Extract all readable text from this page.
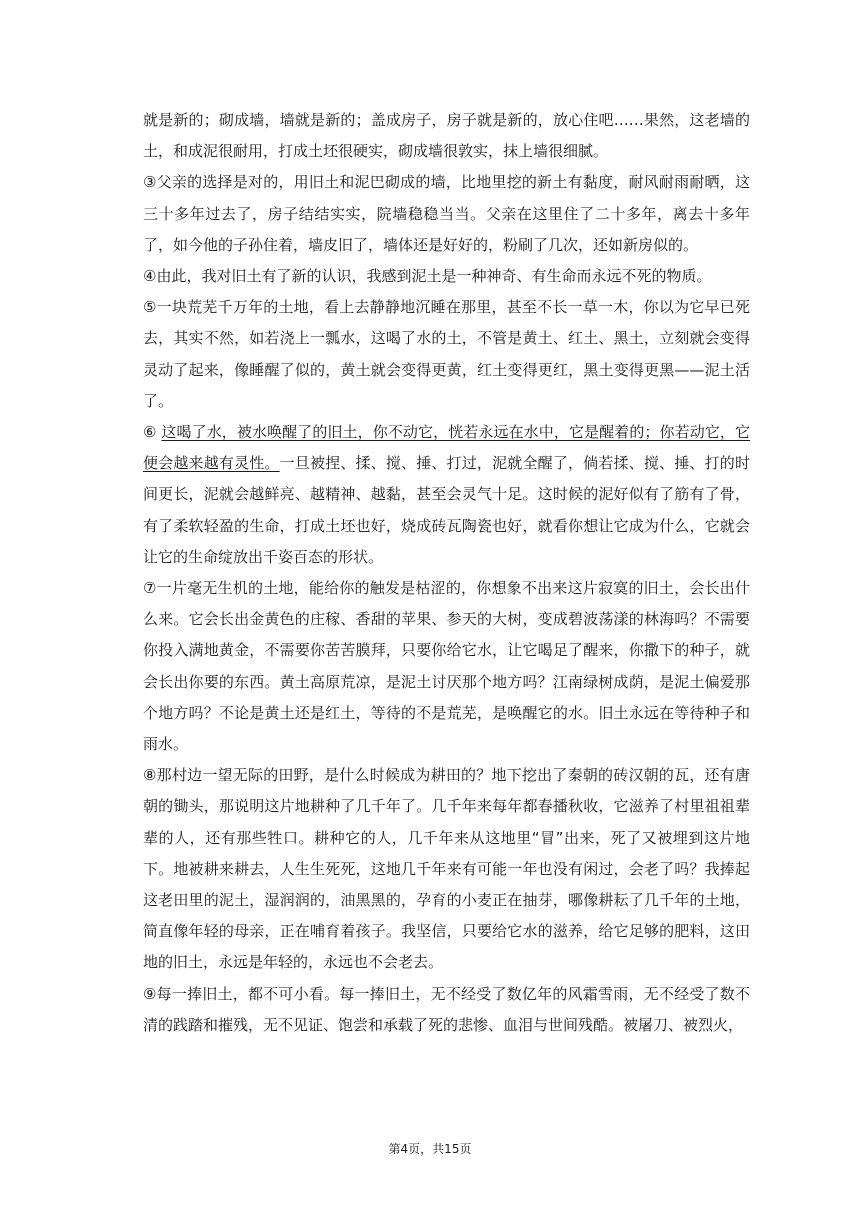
就是新的；砌成墙，墙就是新的；盖成房子，房子就是新的，放心住吧……果然，这老墙的土，和成泥很耐用，打成土坯很硬实，砌成墙很敦实，抹上墙很细腻。

③父亲的选择是对的，用旧土和泥巴砌成的墙，比地里挖的新土有黏度，耐风耐雨耐晒，这三十多年过去了，房子结结实实，院墙稳稳当当。父亲在这里住了二十多年，离去十多年了，如今他的子孙住着，墙皮旧了，墙体还是好好的，粉刷了几次，还如新房似的。

④由此，我对旧土有了新的认识，我感到泥土是一种神奇、有生命而永远不死的物质。

⑤一块荒芜千万年的土地，看上去静静地沉睡在那里，甚至不长一草一木，你以为它早已死去，其实不然，如若浇上一瓢水，这喝了水的土，不管是黄土、红土、黑土，立刻就会变得灵动了起来，像睡醒了似的，黄土就会变得更黄，红土变得更红，黑土变得更黑——泥土活了。

⑥ 这喝了水，被水唤醒了的旧土，你不动它，恍若永远在水中，它是醒着的；你若动它，它便会越来越有灵性。一旦被捏、揉、搅、捶、打过，泥就全醒了，倘若揉、搅、捶、打的时间更长，泥就会越鲜亮、越精神、越黏，甚至会灵气十足。这时候的泥好似有了筋有了骨，有了柔软轻盈的生命，打成土坯也好，烧成砖瓦陶瓷也好，就看你想让它成为什么，它就会让它的生命绽放出千姿百态的形状。

⑦一片毫无生机的土地，能给你的触发是枯涩的，你想象不出来这片寂寞的旧土，会长出什么来。它会长出金黄色的庄稼、香甜的苹果、参天的大树，变成碧波荡漾的林海吗？不需要你投入满地黄金，不需要你苦苦膜拜，只要你给它水，让它喝足了醒来，你撒下的种子，就会长出你要的东西。黄土高原荒凉，是泥土讨厌那个地方吗？江南绿树成荫，是泥土偏爱那个地方吗？不论是黄土还是红土，等待的不是荒芜，是唤醒它的水。旧土永远在等待种子和雨水。

⑧那村边一望无际的田野，是什么时候成为耕田的？地下挖出了秦朝的砖汉朝的瓦，还有唐朝的锄头，那说明这片地耕种了几千年了。几千年来每年都春播秋收，它滋养了村里祖祖辈辈的人，还有那些牲口。耕种它的人，几千年来从这地里“冒”出来，死了又被埋到这片地下。地被耕来耕去，人生生死死，这地几千年来有可能一年也没有闲过，会老了吗？我捧起这老田里的泥土，湿润润的，油黑黑的，孕育的小麦正在抽芽，哪像耕耘了几千年的土地，简直像年轻的母亲，正在哺育着孩子。我坚信，只要给它水的滋养，给它足够的肥料，这田地的旧土，永远是年轻的，永远也不会老去。

⑨每一捧旧土，都不可小看。每一捧旧土，无不经受了数亿年的风霜雪雨，无不经受了数不清的践踏和摧残，无不见证、饱尝和承载了死的悲惨、血泪与世间残酷。被屠刀、被烈火，

第4页，共15页
